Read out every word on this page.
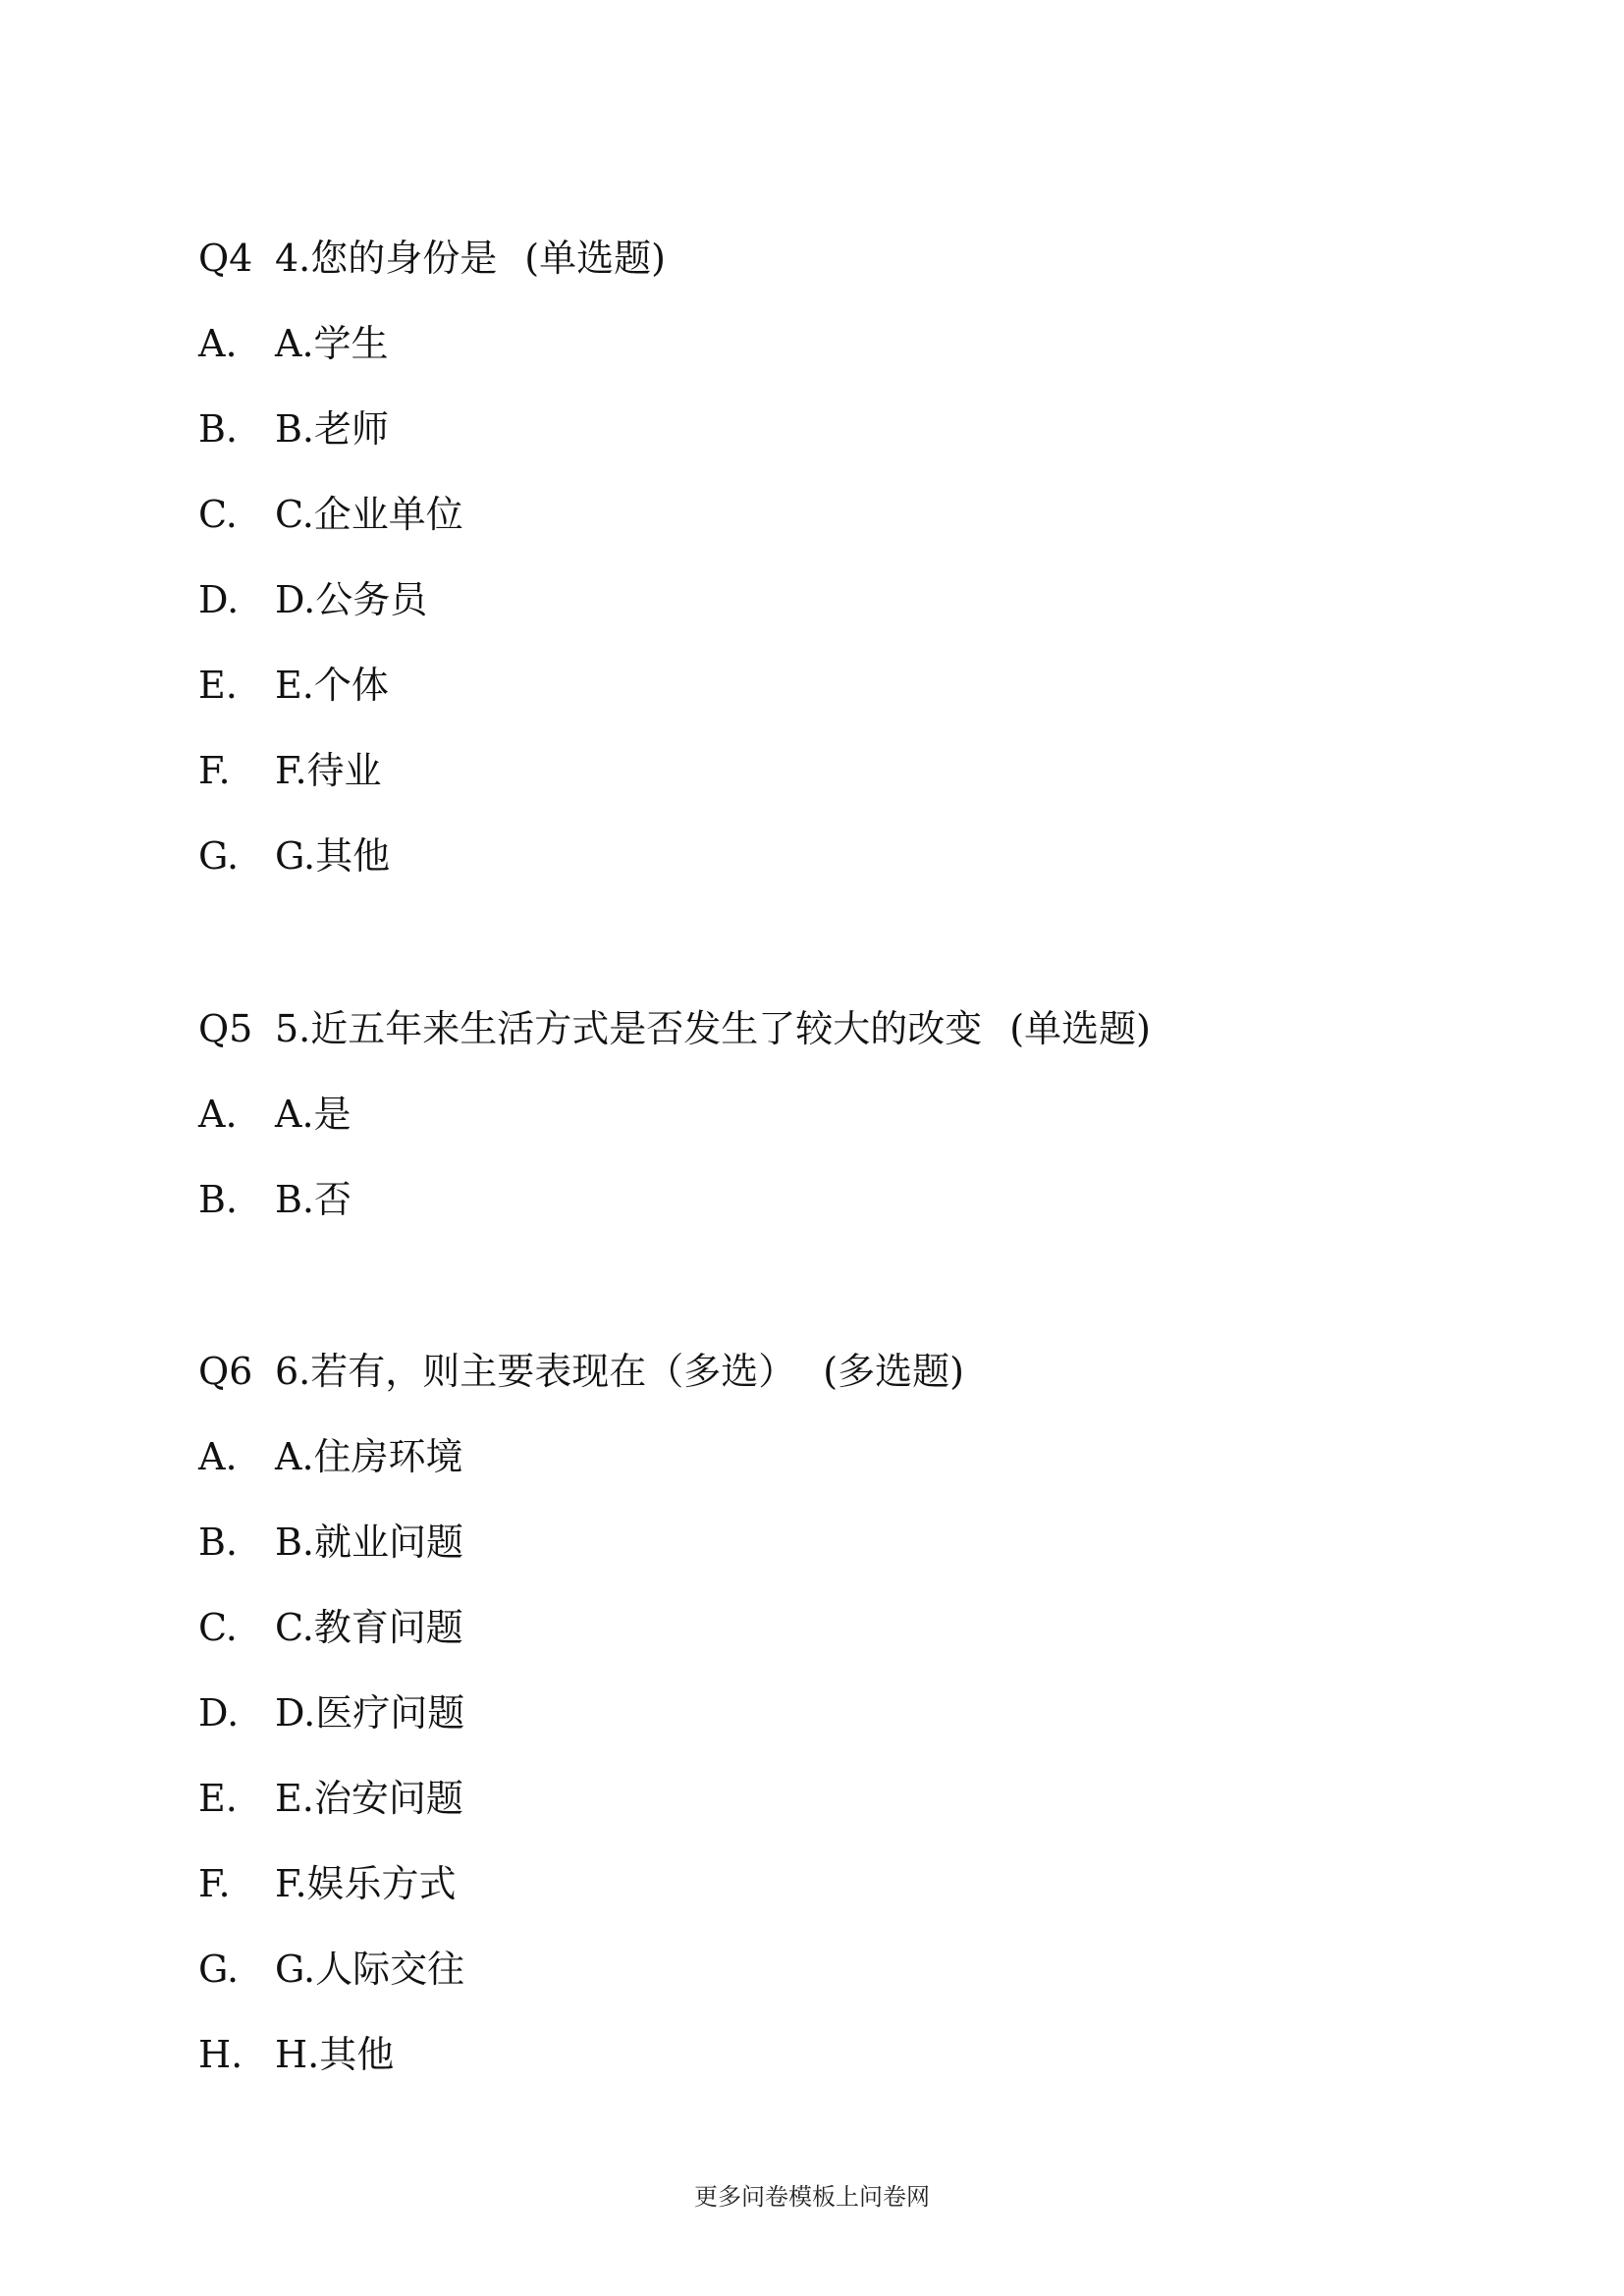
Q4 4.您的身份是 (单选题)
A.	A.学生
B. B.老师
C.	C.企业单位
D. D.公务员
E.	E.个体
F.	F.待业
G. G.其他
Q5 5.近五年来生活方式是否发生了较大的改变 (单选题)
A.	A.是
B. B.否
Q6 6.若有，则主要表现在（多选） (多选题)
A.	A.住房环境
B. B.就业问题
C.	C.教育问题
D. D.医疗问题
E.	E.治安问题
F.	F.娱乐方式
G. G.人际交往
H. H.其他
更多问卷模板上问卷网
